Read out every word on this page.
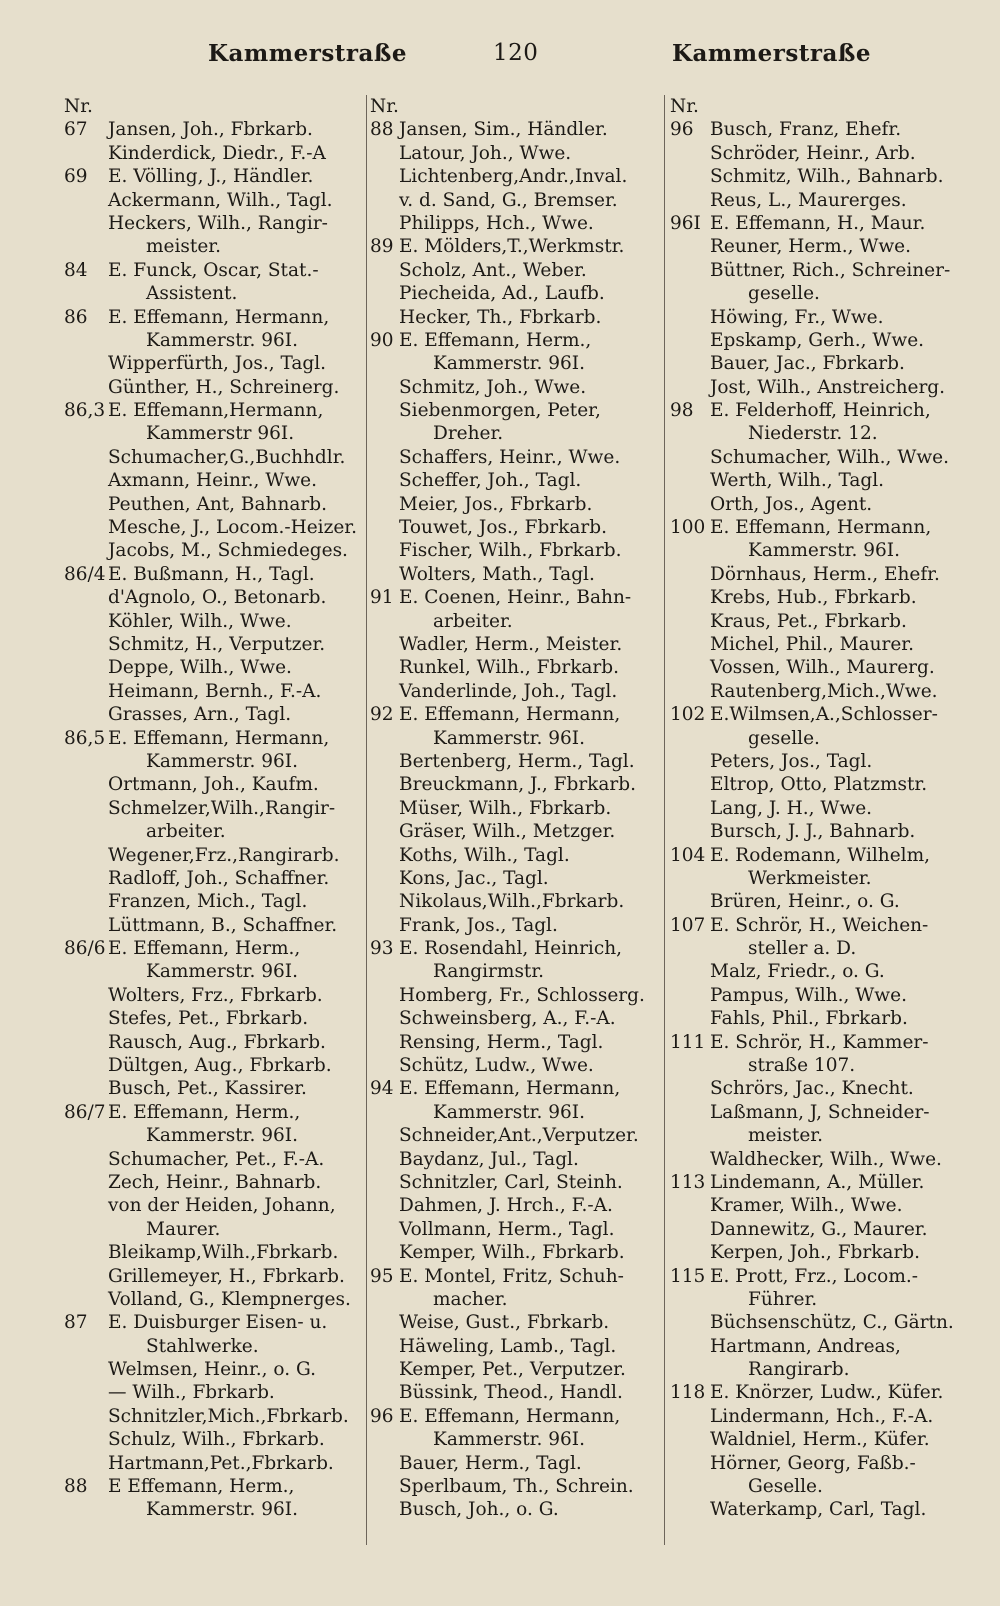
Kammerstraße	120	Kammerstraße
Nr.
67 Jansen, Joh., Fbrkarb.
Kinderdick, Diedr., F.-A
69 E. Völling, J., Händler.
Ackermann, Wilh., Tagl.
Heckers, Wilh., Rangir-
meister.
84 E. Funck, Oscar, Stat.-
Assistent.
86 E. Effemann, Hermann,
Kammerstr. 96I.
Wipperfürth, Jos., Tagl.
Günther, H., Schreinerg.
86,3 E. Effemann,Hermann,
Kammerstr 96I.
Schumacher,G.,Buchhdlr.
Axmann, Heinr., Wwe.
Peuthen, Ant, Bahnarb.
Mesche, J., Locom.-Heizer.
Jacobs, M., Schmiedeges.
86/4 E. Bußmann, H., Tagl.
d'Agnolo, O., Betonarb.
Köhler, Wilh., Wwe.
Schmitz, H., Verputzer.
Deppe, Wilh., Wwe.
Heimann, Bernh., F.-A.
Grasses, Arn., Tagl.
86,5 E. Effemann, Hermann,
Kammerstr. 96I.
Ortmann, Joh., Kaufm.
Schmelzer,Wilh.,Rangir-
arbeiter.
Wegener,Frz.,Rangirarb.
Radloff, Joh., Schaffner.
Franzen, Mich., Tagl.
Lüttmann, B., Schaffner.
86/6 E. Effemann, Herm.,
Kammerstr. 96I.
Wolters, Frz., Fbrkarb.
Stefes, Pet., Fbrkarb.
Rausch, Aug., Fbrkarb.
Dültgen, Aug., Fbrkarb.
Busch, Pet., Kassirer.
86/7 E. Effemann, Herm.,
Kammerstr. 96I.
Schumacher, Pet., F.-A.
Zech, Heinr., Bahnarb.
von der Heiden, Johann,
Maurer.
Bleikamp,Wilh.,Fbrkarb.
Grillemeyer, H., Fbrkarb.
Volland, G., Klempnerges.
87 E. Duisburger Eisen- u.
Stahlwerke.
Welmsen, Heinr., o. G.
— Wilh., Fbrkarb.
Schnitzler,Mich.,Fbrkarb.
Schulz, Wilh., Fbrkarb.
Hartmann,Pet.,Fbrkarb.
88 E Effemann, Herm.,
Kammerstr. 96I.
Nr.
88 Jansen, Sim., Händler.
Latour, Joh., Wwe.
Lichtenberg,Andr.,Inval.
v. d. Sand, G., Bremser.
Philipps, Hch., Wwe.
89 E. Mölders,T.,Werkmstr.
Scholz, Ant., Weber.
Piecheida, Ad., Laufb.
Hecker, Th., Fbrkarb.
90 E. Effemann, Herm.,
Kammerstr. 96I.
Schmitz, Joh., Wwe.
Siebenmorgen, Peter,
Dreher.
Schaffers, Heinr., Wwe.
Scheffer, Joh., Tagl.
Meier, Jos., Fbrkarb.
Touwet, Jos., Fbrkarb.
Fischer, Wilh., Fbrkarb.
Wolters, Math., Tagl.
91 E. Coenen, Heinr., Bahn-
arbeiter.
Wadler, Herm., Meister.
Runkel, Wilh., Fbrkarb.
Vanderlinde, Joh., Tagl.
92 E. Effemann, Hermann,
Kammerstr. 96I.
Bertenberg, Herm., Tagl.
Breuckmann, J., Fbrkarb.
Müser, Wilh., Fbrkarb.
Gräser, Wilh., Metzger.
Koths, Wilh., Tagl.
Kons, Jac., Tagl.
Nikolaus,Wilh.,Fbrkarb.
Frank, Jos., Tagl.
93 E. Rosendahl, Heinrich,
Rangirmstr.
Homberg, Fr., Schlosserg.
Schweinsberg, A., F.-A.
Rensing, Herm., Tagl.
Schütz, Ludw., Wwe.
94 E. Effemann, Hermann,
Kammerstr. 96I.
Schneider,Ant.,Verputzer.
Baydanz, Jul., Tagl.
Schnitzler, Carl, Steinh.
Dahmen, J. Hrch., F.-A.
Vollmann, Herm., Tagl.
Kemper, Wilh., Fbrkarb.
95 E. Montel, Fritz, Schuh-
macher.
Weise, Gust., Fbrkarb.
Häweling, Lamb., Tagl.
Kemper, Pet., Verputzer.
Büssink, Theod., Handl.
96 E. Effemann, Hermann,
Kammerstr. 96I.
Bauer, Herm., Tagl.
Sperlbaum, Th., Schrein.
Busch, Joh., o. G.
Nr.
96 Busch, Franz, Ehefr.
Schröder, Heinr., Arb.
Schmitz, Wilh., Bahnarb.
Reus, L., Maurerges.
96I E. Effemann, H., Maur.
Reuner, Herm., Wwe.
Büttner, Rich., Schreiner-
geselle.
Höwing, Fr., Wwe.
Epskamp, Gerh., Wwe.
Bauer, Jac., Fbrkarb.
Jost, Wilh., Anstreicherg.
98 E. Felderhoff, Heinrich,
Niederstr. 12.
Schumacher, Wilh., Wwe.
Werth, Wilh., Tagl.
Orth, Jos., Agent.
100 E. Effemann, Hermann,
Kammerstr. 96I.
Dörnhaus, Herm., Ehefr.
Krebs, Hub., Fbrkarb.
Kraus, Pet., Fbrkarb.
Michel, Phil., Maurer.
Vossen, Wilh., Maurerg.
Rautenberg,Mich.,Wwe.
102 E.Wilmsen,A.,Schlosser-
geselle.
Peters, Jos., Tagl.
Eltrop, Otto, Platzmstr.
Lang, J. H., Wwe.
Bursch, J. J., Bahnarb.
104 E. Rodemann, Wilhelm,
Werkmeister.
Brüren, Heinr., o. G.
107 E. Schrör, H., Weichen-
steller a. D.
Malz, Friedr., o. G.
Pampus, Wilh., Wwe.
Fahls, Phil., Fbrkarb.
111 E. Schrör, H., Kammer-
straße 107.
Schrörs, Jac., Knecht.
Laßmann, J, Schneider-
meister.
Waldhecker, Wilh., Wwe.
113 Lindemann, A., Müller.
Kramer, Wilh., Wwe.
Dannewitz, G., Maurer.
Kerpen, Joh., Fbrkarb.
115 E. Prott, Frz., Locom.-
Führer.
Büchsenschütz, C., Gärtn.
Hartmann, Andreas,
Rangirarb.
118 E. Knörzer, Ludw., Küfer.
Lindermann, Hch., F.-A.
Waldniel, Herm., Küfer.
Hörner, Georg, Faßb.-
Geselle.
Waterkamp, Carl, Tagl.
